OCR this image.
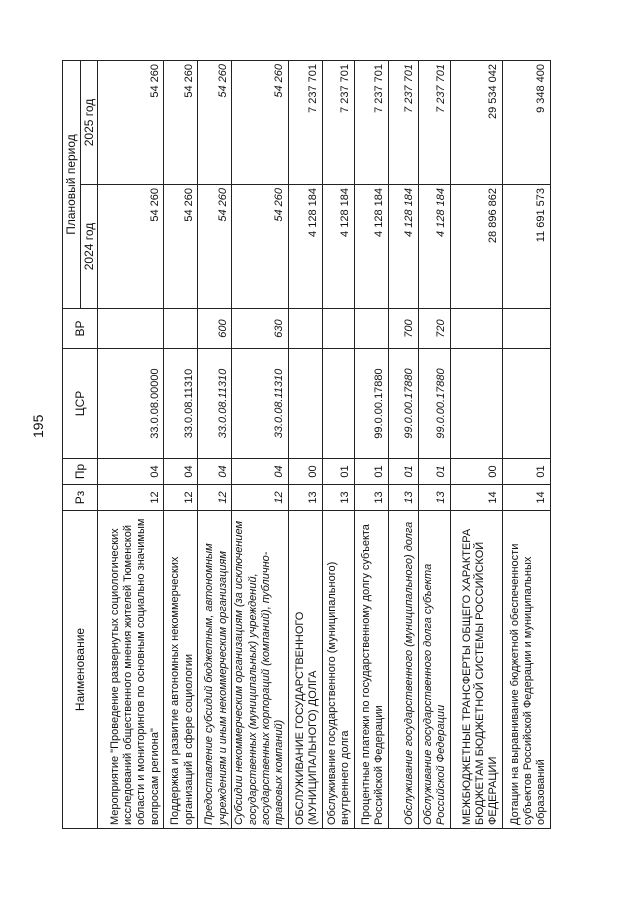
195
Наименование	Рз	Пр	ЦСР	ВР	Плановый период	
					2024 год	2025 год
Мероприятие "Проведение развернутых социологических исследований общественного мнения жителей Тюменской области и мониторингов по основным социально значимым вопросам региона"	12	04	33.0.08.00000		54 260	54 260
Поддержка и развитие автономных некоммерческих организаций в сфере социологии	12	04	33.0.08.11310		54 260	54 260
Предоставление субсидий бюджетным, автономным учреждениям и иным некоммерческим организациям	12	04	33.0.08.11310	600	54 260	54 260
Субсидии некоммерческим организациям (за исключением государственных (муниципальных) учреждений, государственных корпораций (компаний), публично-правовых компаний)	12	04	33.0.08.11310	630	54 260	54 260
ОБСЛУЖИВАНИЕ ГОСУДАРСТВЕННОГО (МУНИЦИПАЛЬНОГО) ДОЛГА	13	00			4 128 184	7 237 701
Обслуживание государственного (муниципального) внутреннего долга	13	01			4 128 184	7 237 701
Процентные платежи по государственному долгу субъекта Российской Федерации	13	01	99.0.00.17880		4 128 184	7 237 701
Обслуживание государственного (муниципального) долга	13	01	99.0.00.17880	700	4 128 184	7 237 701
Обслуживание государственного долга субъекта Российской Федерации	13	01	99.0.00.17880	720	4 128 184	7 237 701
МЕЖБЮДЖЕТНЫЕ ТРАНСФЕРТЫ ОБЩЕГО ХАРАКТЕРА БЮДЖЕТАМ БЮДЖЕТНОЙ СИСТЕМЫ РОССИЙСКОЙ ФЕДЕРАЦИИ	14	00			28 896 862	29 534 042
Дотации на выравнивание бюджетной обеспеченности субъектов Российской Федерации и муниципальных образований	14	01			11 691 573	9 348 400
